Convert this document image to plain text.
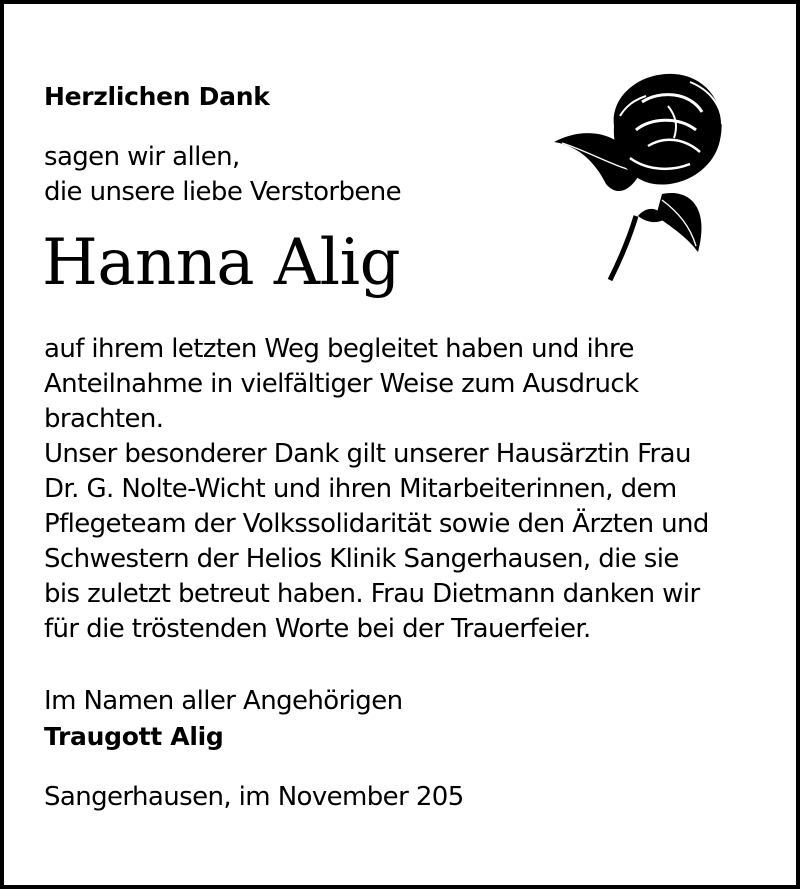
Herzlichen Dank

sagen wir allen,

die unsere liebe Verstorbene

Hanna Alig

auf ihrem letzten Weg begleitet haben und ihre

Anteilnahme in vielfältiger Weise zum Ausdruck

brachten.

Unser besonderer Dank gilt unserer Hausärztin Frau

Dr. G. Nolte-Wicht und ihren Mitarbeiterinnen, dem

Pflegeteam der Volkssolidarität sowie den Ärzten und

Schwestern der Helios Klinik Sangerhausen, die sie

bis zuletzt betreut haben. Frau Dietmann danken wir

für die tröstenden Worte bei der Trauerfeier.

Im Namen aller Angehörigen

Traugott Alig

Sangerhausen, im November 205
